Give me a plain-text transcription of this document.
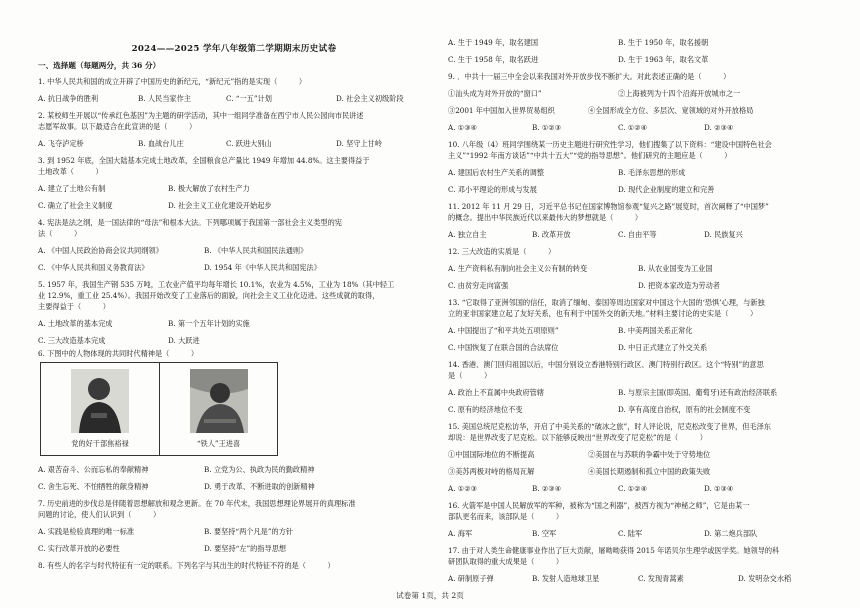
2024——2025 学年八年级第二学期期末历史试卷
一、选择题（每题两分，共 36 分）
党的好干部焦裕禄	“铁人”王进喜
1. 中华人民共和国的成立开辟了中国历史的新纪元，“新纪元”指的是实现（　　　）
A. 抗日战争的胜利	B. 人民当家作主	C. “一五”计划	D. 社会主义初级阶段
2. 某校师生开展以“传承红色基因”为主题的研学活动，其中一组同学准备在西宁市人民公园向市民讲述
志愿军故事。以下最适合在此宣讲的是（　　　）
A. 飞夺泸定桥	B. 血战台儿庄	C. 跃进大别山	D. 坚守上甘岭
3. 到 1952 年底，全国大陆基本完成土地改革，全国粮食总产量比 1949 年增加 44.8%。这主要得益于
土地改革（　　　）
A. 建立了土地公有制	B. 极大解放了农村生产力
C. 确立了社会主义制度	D. 社会主义工业化建设开始起步
4. 宪法是法之纲，是一国法律的“母法”和根本大法。下列哪项属于我国第一部社会主义类型的宪
法（　　　）
A. 《中国人民政治协商会议共同纲领》	B. 《中华人民共和国民法通则》
C. 《中华人民共和国义务教育法》	D. 1954 年《中华人民共和国宪法》
5. 1957 年，我国生产钢 535 万吨，工农业产值平均每年增长 10.1%，农业为 4.5%，工业为 18%（其中轻工
业 12.9%，重工业 25.4%）。我国开始改变了工业落后的面貌，向社会主义工业化迈进。这些成就的取得，
主要得益于（　　　）
A. 土地改革的基本完成	B. 第一个五年计划的实施
C. 三大改造基本完成	D. 大跃进
6. 下图中的人物体现的共同时代精神是（　　　）
A. 艰苦奋斗、公而忘私的奉献精神	B. 立党为公、执政为民的勤政精神
C. 舍生忘死、不怕牺牲的献身精神	D. 勇于改革、不断进取的创新精神
7. 历史前进的步伐总是伴随着思想解放和观念更新。在 70 年代末，我国思想理论界展开的真理标准
问题的讨论，使人们认识到（　　　）
A. 实践是检验真理的唯一标准	B. 要坚持“两个凡是”的方针
C. 实行改革开放的必要性	D. 要坚持“左”的指导思想
8. 有些人的名字与时代特征有一定的联系。下列名字与其出生的时代特征不符的是（　　　）
A. 生于 1949 年，取名建国	B. 生于 1950 年，取名援朝
C. 生于 1958 年，取名跃进	D. 生于 1963 年，取名文革
9. ．中共十一届三中全会以来我国对外开放步伐不断扩大。对此表述正确的是（　　　）
①汕头成为对外开放的“窗口”	②上海被列为十四个沿海开放城市之一
③2001 年中国加入世界贸易组织	④全国形成全方位、多层次、宽领域的对外开放格局
A. ①③④	B. ①②③	C. ①②④	D. ②③④
10. 八年级（4）班同学围绕某一历史主题进行研究性学习，他们搜集了以下资料：“建设中国特色社会
主义”“1992 年南方谈话”“中共十五大”“党的指导思想”。他们研究的主题应是（　　　）
A. 建国后农村生产关系的调整	B. 毛泽东思想的形成
C. 邓小平理论的形成与发展	D. 现代企业制度的建立和完善
11. 2012 年 11 月 29 日，习近平总书记在国家博物馆参观“复兴之路”展览时，首次阐释了“中国梦”
的概念。提出中华民族近代以来最伟大的梦想就是（　　　）
A. 独立自主	B. 改革开放	C. 自由平等	D. 民族复兴
12. 三大改造的实质是（　　　）
A. 生产资料私有制向社会主义公有制的转变	B. 从农业国变为工业国
C. 由贫穷走向富强	D. 把资本家改造为劳动者
13. “它取得了亚洲邻国的信任，取消了缅甸、泰国等周边国家对中国这个大国的‘恐惧’心理，与新独
立的亚非国家建立起了友好关系，也有利于中国外交的新天地。”材料主要讨论的史实是（　　　）
A. 中国提出了“和平共处五项原则”	B. 中美两国关系正常化
C. 中国恢复了在联合国的合法席位	D. 中日正式建立了外交关系
14. 香港、澳门回归祖国以后，中国分别设立香港特别行政区、澳门特别行政区。这个“特别”的意思
是（　　　）
A. 政治上不直属中央政府管辖	B. 与原宗主国(即英国、葡萄牙)还有政治经济联系
C. 原有的经济地位不变	D. 享有高度自治权，原有的社会制度不变
15. 美国总统尼克松访华，开启了中美关系的“破冰之旅”，时人评论说，尼克松改变了世界，但毛泽东
却说：是世界改变了尼克松。以下能够反映出“世界改变了尼克松”的是（　　　）
①中国国际地位的不断提高	②美国在与苏联的争霸中处于守势地位
③美苏两极对峙的格局瓦解	④美国长期遏制和孤立中国的政策失败
A. ①②③	B. ②③④	C. ①②④	D. ①③④
16. 火箭军是中国人民解放军的军种，被称为“国之利器”，被西方视为“神秘之师”，它是由某一
部队更名而来，该部队是（　　　）
A. 海军	B. 空军	C. 陆军	D. 第二炮兵部队
17. 由于对人类生命健康事业作出了巨大贡献，屠呦呦获得 2015 年诺贝尔生理学或医学奖。她领导的科
研团队取得的重大成果是（　　　）
A. 研制原子弹	B. 发射人造地球卫星	C. 发现青蒿素	D. 发明杂交水稻
试卷第 1页，共 2页
